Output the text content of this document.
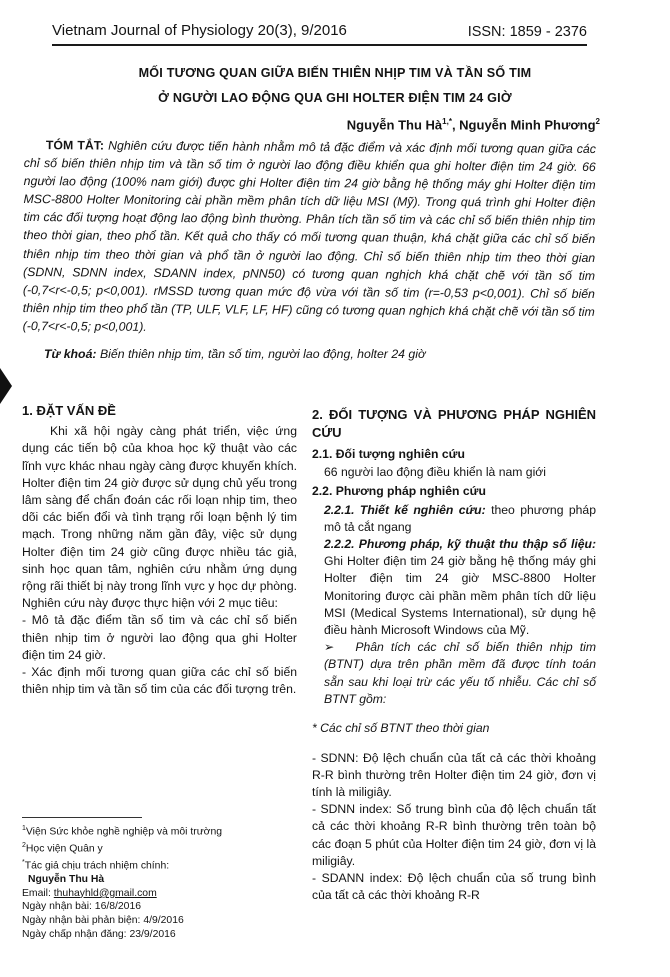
Vietnam Journal of Physiology 20(3), 9/2016	ISSN: 1859 - 2376
MỐI TƯƠNG QUAN GIỮA BIẾN THIÊN NHỊP TIM VÀ TẦN SỐ TIM
Ở NGƯỜI LAO ĐỘNG QUA GHI HOLTER ĐIỆN TIM 24 GIỜ
Nguyễn Thu $Hà^{1,*}$, Nguyễn Minh Phương$^2$
TÓM TẮT: Nghiên cứu được tiến hành nhằm mô tả đặc điểm và xác định mối tương quan giữa các chỉ số biến thiên nhịp tim và tần số tim ở người lao động điều khiển qua ghi holter điện tim 24 giờ. 66 người lao động (100% nam giới) được ghi Holter điện tim 24 giờ bằng hệ thống máy ghi Holter điện tim MSC-8800 Holter Monitoring cài phần mềm phân tích dữ liệu MSI (Mỹ). Trong quá trình ghi Holter điện tim các đối tượng hoạt động lao động bình thường. Phân tích tần số tim và các chỉ số biến thiên nhịp tim theo thời gian, theo phổ tần. Kết quả cho thấy có mối tương quan thuận, khá chặt giữa các chỉ số biến thiên nhịp tim theo thời gian và phổ tần ở người lao động. Chỉ số biến thiên nhịp tim theo thời gian (SDNN, SDNN index, SDANN index, pNN50) có tương quan nghịch khá chặt chẽ với tần số tim (-0,7<r<-0,5; p<0,001). rMSSD tương quan mức độ vừa với tần số tim (r=-0,53 p<0,001). Chỉ số biến thiên nhịp tim theo phổ tần (TP, ULF, VLF, LF, HF) cũng có tương quan nghịch khá chặt chẽ với tần số tim (-0,7<r<-0,5; p<0,001).
Từ khoá: Biến thiên nhịp tim, tần số tim, người lao động, holter 24 giờ
1. ĐẶT VẤN ĐỀ

Khi xã hội ngày càng phát triển, việc ứng dụng các tiến bộ của khoa học kỹ thuật vào các lĩnh vực khác nhau ngày càng được khuyến khích. Holter điện tim 24 giờ được sử dụng chủ yếu trong lâm sàng để chẩn đoán các rối loạn nhịp tim, theo dõi các biến đổi và tình trạng rối loạn bệnh lý tim mạch. Trong những năm gần đây, việc sử dụng Holter điện tim 24 giờ cũng được nhiều tác giả, sinh học quan tâm, nghiên cứu nhằm ứng dụng rộng rãi thiết bị này trong lĩnh vực y học dự phòng. Nghiên cứu này được thực hiện với 2 mục tiêu:

- Mô tả đặc điểm tần số tim và các chỉ số biến thiên nhịp tim ở người lao động qua ghi Holter điện tim 24 giờ.

- Xác định mối tương quan giữa các chỉ số biến thiên nhịp tim và tần số tim của các đối tượng trên.

2. ĐỐI TƯỢNG VÀ PHƯƠNG PHÁP NGHIÊN CỨU
2.1. Đối tượng nghiên cứu

66 người lao động điều khiển là nam giới

2.2. Phương pháp nghiên cứu

2.2.1. Thiết kế nghiên cứu: theo phương pháp mô tả cắt ngang

2.2.2. Phương pháp, kỹ thuật thu thập số liệu: Ghi Holter điện tim 24 giờ bằng hệ thống máy ghi Holter điện tim 24 giờ MSC-8800 Holter Monitoring được cài phần mềm phân tích dữ liệu MSI (Medical Systems International), sử dụng hệ điều hành Microsoft Windows của Mỹ.

➢ Phân tích các chỉ số biến thiên nhịp tim (BTNT) dựa trên phần mềm đã được tính toán sẵn sau khi loại trừ các yếu tố nhiễu. Các chỉ số BTNT gồm:

* Các chỉ số BTNT theo thời gian

- SDNN: Độ lệch chuẩn của tất cả các thời khoảng R-R bình thường trên Holter điện tim 24 giờ, đơn vị tính là miligiây.

- SDNN index: Số trung bình của độ lệch chuẩn tất cả các thời khoảng R-R bình thường trên toàn bộ các đoạn 5 phút của Holter điện tim 24 giờ, đơn vị là miligiây.

- SDANN index: Độ lệch chuẩn của số trung bình của tất cả các thời khoảng R-R

$^1$Viện Sức khỏe nghề nghiệp và môi trường
$^2$Học viện Quân y
*Tác giả chịu trách nhiệm chính:
Nguyễn Thu Hà
Email: thuhayhld@gmail.com
Ngày nhận bài: 16/8/2016
Ngày nhận bài phản biện: 4/9/2016
Ngày chấp nhận đăng: 23/9/2016
